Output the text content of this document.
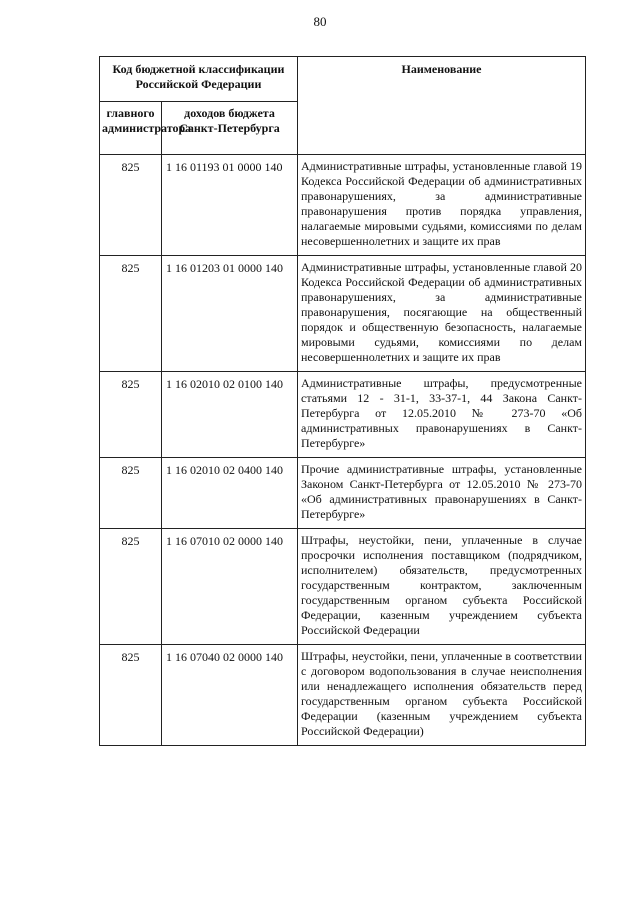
80
Код бюджетной классификации Российской Федерации		Наименование
главного администратора	доходов бюджета Санкт-Петербурга	
825	1 16 01193 01 0000 140	Административные штрафы, установленные главой 19 Кодекса Российской Федерации об административных правонарушениях, за административные правонарушения против порядка управления, налагаемые мировыми судьями, комиссиями по делам несовершеннолетних и защите их прав
825	1 16 01203 01 0000 140	Административные штрафы, установленные главой 20 Кодекса Российской Федерации об административных правонарушениях, за административные правонарушения, посягающие на общественный порядок и общественную безопасность, налагаемые мировыми судьями, комиссиями по делам несовершеннолетних и защите их прав
825	1 16 02010 02 0100 140	Административные штрафы, предусмотренные статьями 12 - 31-1, 33-37-1, 44 Закона Санкт-Петербурга от 12.05.2010 № 273-70 «Об административных правонарушениях в Санкт-Петербурге»
825	1 16 02010 02 0400 140	Прочие административные штрафы, установленные Законом Санкт-Петербурга от 12.05.2010 № 273-70 «Об административных правонарушениях в Санкт-Петербурге»
825	1 16 07010 02 0000 140	Штрафы, неустойки, пени, уплаченные в случае просрочки исполнения поставщиком (подрядчиком, исполнителем) обязательств, предусмотренных государственным контрактом, заключенным государственным органом субъекта Российской Федерации, казенным учреждением субъекта Российской Федерации
825	1 16 07040 02 0000 140	Штрафы, неустойки, пени, уплаченные в соответствии с договором водопользования в случае неисполнения или ненадлежащего исполнения обязательств перед государственным органом субъекта Российской Федерации (казенным учреждением субъекта Российской Федерации)
